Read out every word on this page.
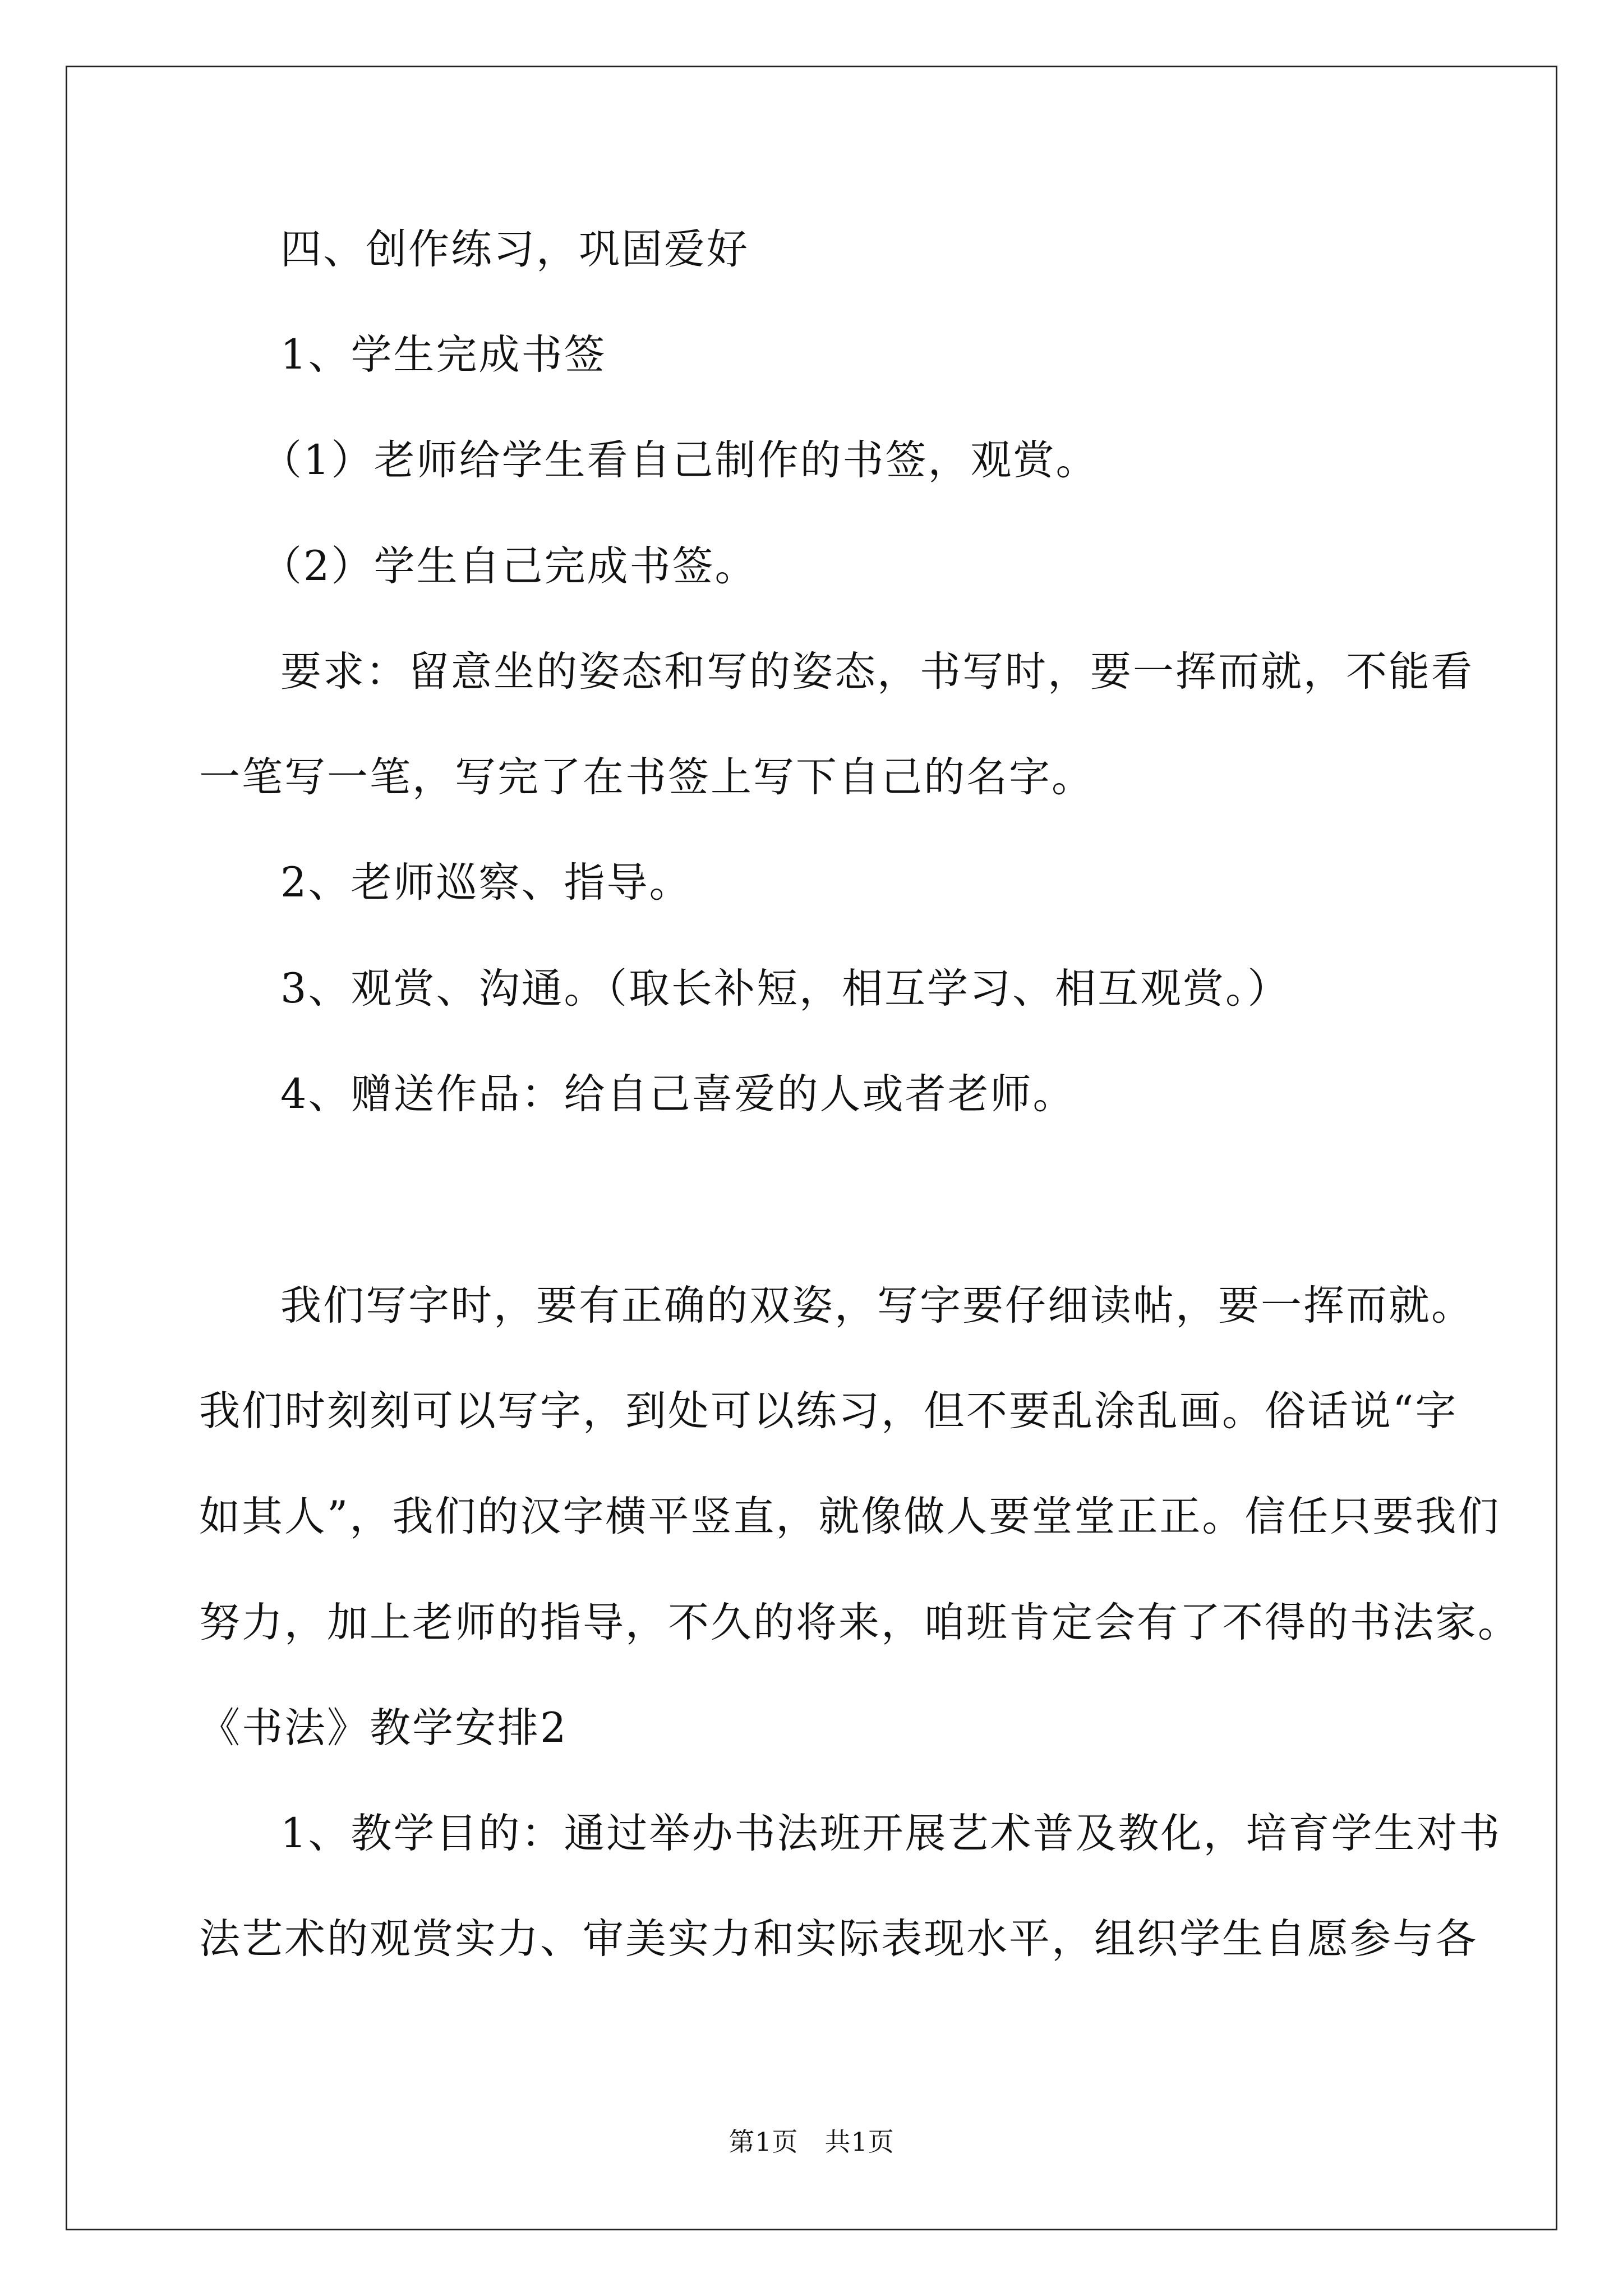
四、创作练习，巩固爱好
1、学生完成书签
（1）老师给学生看自己制作的书签，观赏。
（2）学生自己完成书签。
要求：留意坐的姿态和写的姿态，书写时，要一挥而就，不能看
一笔写一笔，写完了在书签上写下自己的名字。
2、老师巡察、指导。
3、观赏、沟通。（取长补短，相互学习、相互观赏。）
4、赠送作品：给自己喜爱的人或者老师。
我们写字时，要有正确的双姿，写字要仔细读帖，要一挥而就。
我们时刻刻可以写字，到处可以练习，但不要乱涂乱画。俗话说“字
如其人”，我们的汉字横平竖直，就像做人要堂堂正正。信任只要我们
努力，加上老师的指导，不久的将来，咱班肯定会有了不得的书法家。
《书法》教学安排2
1、教学目的：通过举办书法班开展艺术普及教化，培育学生对书
法艺术的观赏实力、审美实力和实际表现水平，组织学生自愿参与各
第1页　共1页
